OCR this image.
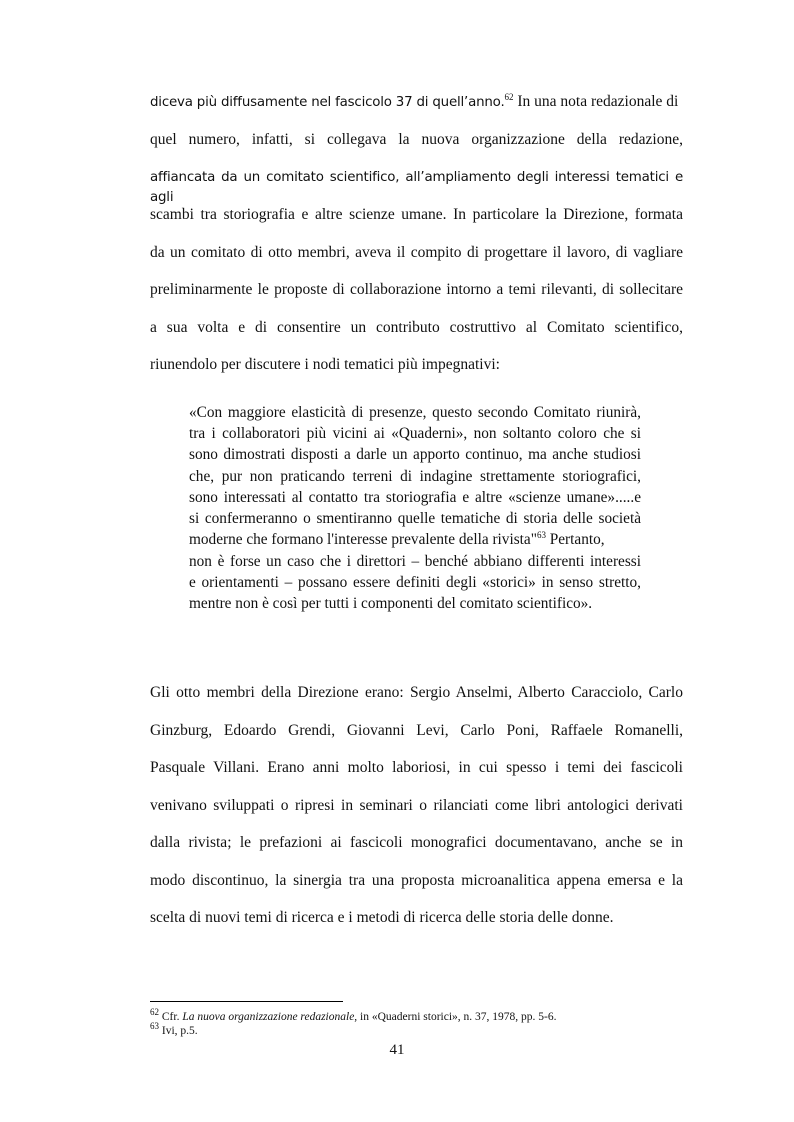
diceva più diffusamente nel fascicolo 37 di quell’anno.$^{62}$ In una nota redazionale di
quel numero, infatti, si collegava la nuova organizzazione della redazione,
affiancata da un comitato scientifico, all’ampliamento degli interessi tematici e agli
scambi tra storiografia e altre scienze umane. In particolare la Direzione, formata
da un comitato di otto membri, aveva il compito di progettare il lavoro, di vagliare
preliminarmente le proposte di collaborazione intorno a temi rilevanti, di sollecitare
a sua volta e di consentire un contributo costruttivo al Comitato scientifico,
riunendolo per discutere i nodi tematici più impegnativi:
«Con maggiore elasticità di presenze, questo secondo Comitato riunirà,
tra i collaboratori più vicini ai «Quaderni», non soltanto coloro che si
sono dimostrati disposti a darle un apporto continuo, ma anche studiosi
che, pur non praticando terreni di indagine strettamente storiografici,
sono interessati al contatto tra storiografia e altre «scienze umane».....e
si confermeranno o smentiranno quelle tematiche di storia delle società
moderne che formano l'interesse prevalente della rivista"$^{63}$ Pertanto,
non è forse un caso che i direttori – benché abbiano differenti interessi
e orientamenti – possano essere definiti degli «storici» in senso stretto,
mentre non è così per tutti i componenti del comitato scientifico».
Gli otto membri della Direzione erano: Sergio Anselmi, Alberto Caracciolo, Carlo
Ginzburg, Edoardo Grendi, Giovanni Levi, Carlo Poni, Raffaele Romanelli,
Pasquale Villani. Erano anni molto laboriosi, in cui spesso i temi dei fascicoli
venivano sviluppati o ripresi in seminari o rilanciati come libri antologici derivati
dalla rivista; le prefazioni ai fascicoli monografici documentavano, anche se in
modo discontinuo, la sinergia tra una proposta microanalitica appena emersa e la
scelta di nuovi temi di ricerca e i metodi di ricerca delle storia delle donne.
$^{62}$ Cfr. La nuova organizzazione redazionale, in «Quaderni storici», n. 37, 1978, pp. 5-6.
$^{63}$ Ivi, p.5.
41
